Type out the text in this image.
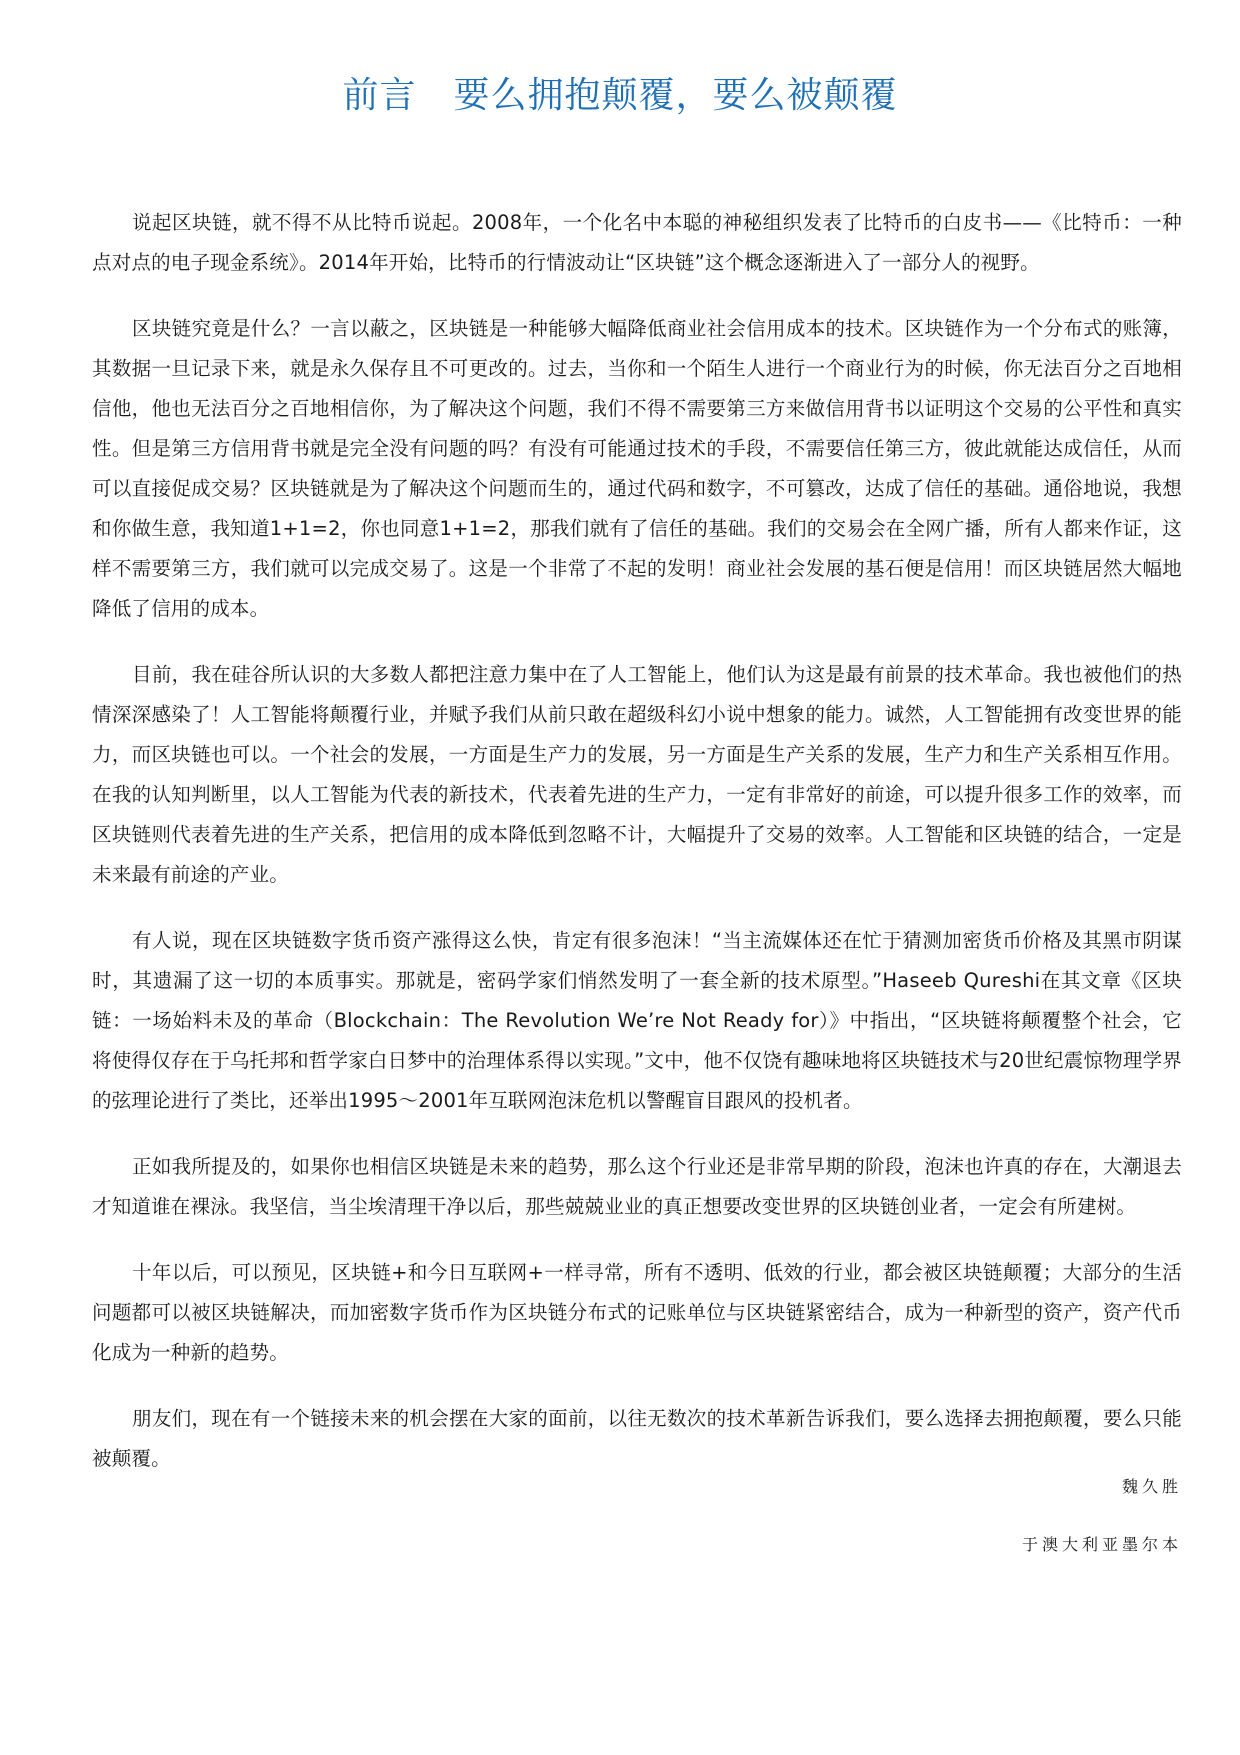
前言　要么拥抱颠覆，要么被颠覆

说起区块链，就不得不从比特币说起。2008年，一个化名中本聪的神秘组织发表了比特币的白皮书——《比特币：一种点对点的电子现金系统》。2014年开始，比特币的行情波动让“区块链”这个概念逐渐进入了一部分人的视野。

区块链究竟是什么？一言以蔽之，区块链是一种能够大幅降低商业社会信用成本的技术。区块链作为一个分布式的账簿，其数据一旦记录下来，就是永久保存且不可更改的。过去，当你和一个陌生人进行一个商业行为的时候，你无法百分之百地相信他，他也无法百分之百地相信你，为了解决这个问题，我们不得不需要第三方来做信用背书以证明这个交易的公平性和真实性。但是第三方信用背书就是完全没有问题的吗？有没有可能通过技术的手段，不需要信任第三方，彼此就能达成信任，从而可以直接促成交易？区块链就是为了解决这个问题而生的，通过代码和数字，不可篡改，达成了信任的基础。通俗地说，我想和你做生意，我知道1+1=2，你也同意1+1=2，那我们就有了信任的基础。我们的交易会在全网广播，所有人都来作证，这样不需要第三方，我们就可以完成交易了。这是一个非常了不起的发明！商业社会发展的基石便是信用！而区块链居然大幅地降低了信用的成本。

目前，我在硅谷所认识的大多数人都把注意力集中在了人工智能上，他们认为这是最有前景的技术革命。我也被他们的热情深深感染了！人工智能将颠覆行业，并赋予我们从前只敢在超级科幻小说中想象的能力。诚然，人工智能拥有改变世界的能力，而区块链也可以。一个社会的发展，一方面是生产力的发展，另一方面是生产关系的发展，生产力和生产关系相互作用。在我的认知判断里，以人工智能为代表的新技术，代表着先进的生产力，一定有非常好的前途，可以提升很多工作的效率，而区块链则代表着先进的生产关系，把信用的成本降低到忽略不计，大幅提升了交易的效率。人工智能和区块链的结合，一定是未来最有前途的产业。

有人说，现在区块链数字货币资产涨得这么快，肯定有很多泡沫！“当主流媒体还在忙于猜测加密货币价格及其黑市阴谋时，其遗漏了这一切的本质事实。那就是，密码学家们悄然发明了一套全新的技术原型。”Haseeb Qureshi在其文章《区块链：一场始料未及的革命（Blockchain：The Revolution We’re Not Ready for）》中指出，“区块链将颠覆整个社会，它将使得仅存在于乌托邦和哲学家白日梦中的治理体系得以实现。”文中，他不仅饶有趣味地将区块链技术与20世纪震惊物理学界的弦理论进行了类比，还举出1995～2001年互联网泡沫危机以警醒盲目跟风的投机者。

正如我所提及的，如果你也相信区块链是未来的趋势，那么这个行业还是非常早期的阶段，泡沫也许真的存在，大潮退去才知道谁在裸泳。我坚信，当尘埃清理干净以后，那些兢兢业业的真正想要改变世界的区块链创业者，一定会有所建树。

十年以后，可以预见，区块链+和今日互联网+一样寻常，所有不透明、低效的行业，都会被区块链颠覆；大部分的生活问题都可以被区块链解决，而加密数字货币作为区块链分布式的记账单位与区块链紧密结合，成为一种新型的资产，资产代币化成为一种新的趋势。

朋友们，现在有一个链接未来的机会摆在大家的面前，以往无数次的技术革新告诉我们，要么选择去拥抱颠覆，要么只能被颠覆。

魏久胜
于澳大利亚墨尔本
